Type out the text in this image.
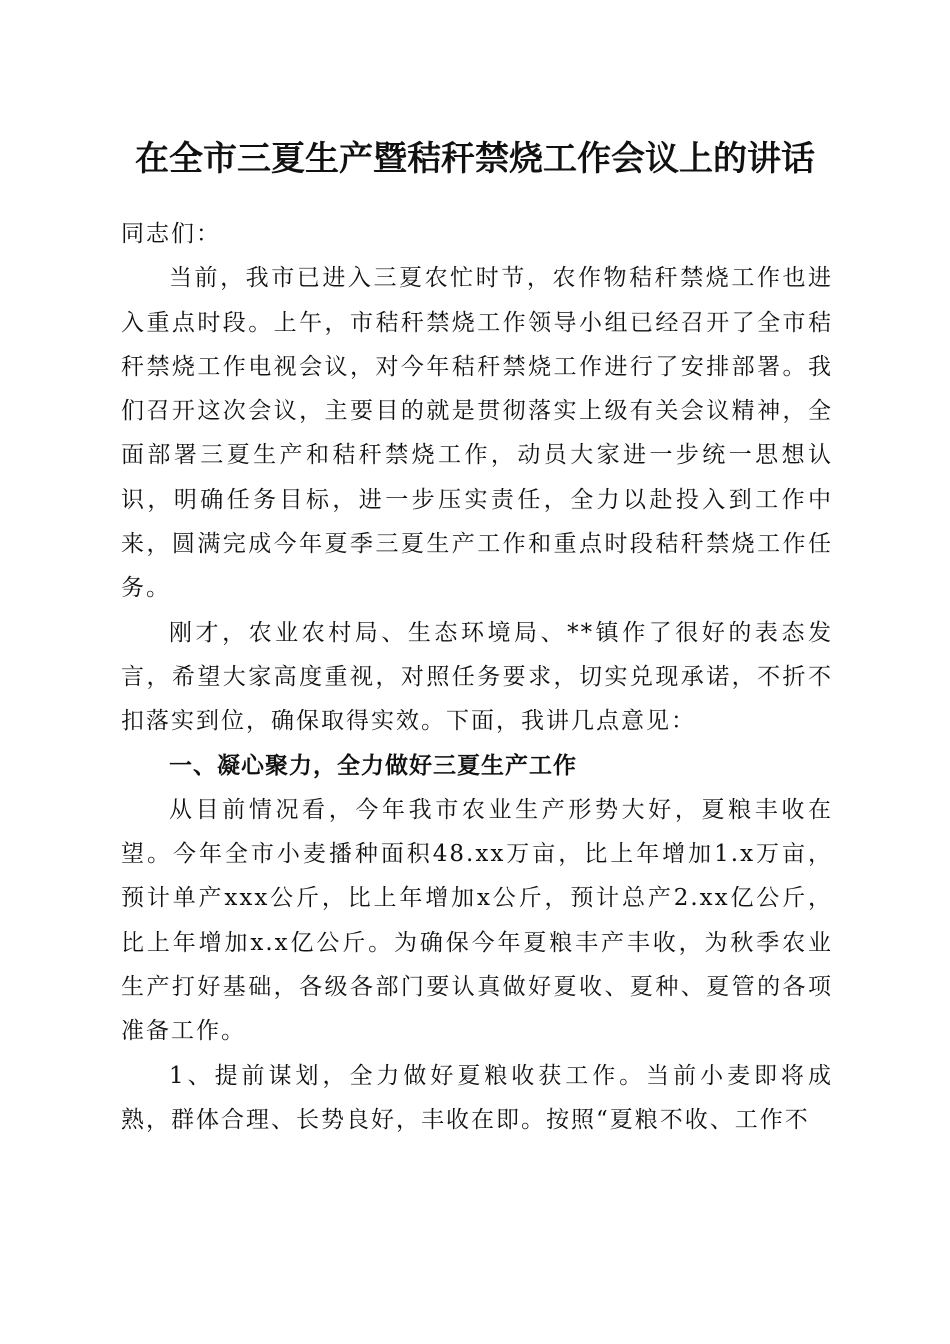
在全市三夏生产暨秸秆禁烧工作会议上的讲话

同志们：

当前，我市已进入三夏农忙时节，农作物秸秆禁烧工作也进入重点时段。上午，市秸秆禁烧工作领导小组已经召开了全市秸秆禁烧工作电视会议，对今年秸秆禁烧工作进行了安排部署。我们召开这次会议，主要目的就是贯彻落实上级有关会议精神，全面部署三夏生产和秸秆禁烧工作，动员大家进一步统一思想认识，明确任务目标，进一步压实责任，全力以赴投入到工作中来，圆满完成今年夏季三夏生产工作和重点时段秸秆禁烧工作任务。

刚才，农业农村局、生态环境局、**镇作了很好的表态发言，希望大家高度重视，对照任务要求，切实兑现承诺，不折不扣落实到位，确保取得实效。下面，我讲几点意见：

一、凝心聚力，全力做好三夏生产工作

从目前情况看，今年我市农业生产形势大好，夏粮丰收在望。今年全市小麦播种面积48.xx万亩，比上年增加1.x万亩，预计单产xxx公斤，比上年增加x公斤，预计总产2.xx亿公斤，比上年增加x.x亿公斤。为确保今年夏粮丰产丰收，为秋季农业生产打好基础，各级各部门要认真做好夏收、夏种、夏管的各项准备工作。

1、提前谋划，全力做好夏粮收获工作。当前小麦即将成熟，群体合理、长势良好，丰收在即。按照“夏粮不收、工作不
